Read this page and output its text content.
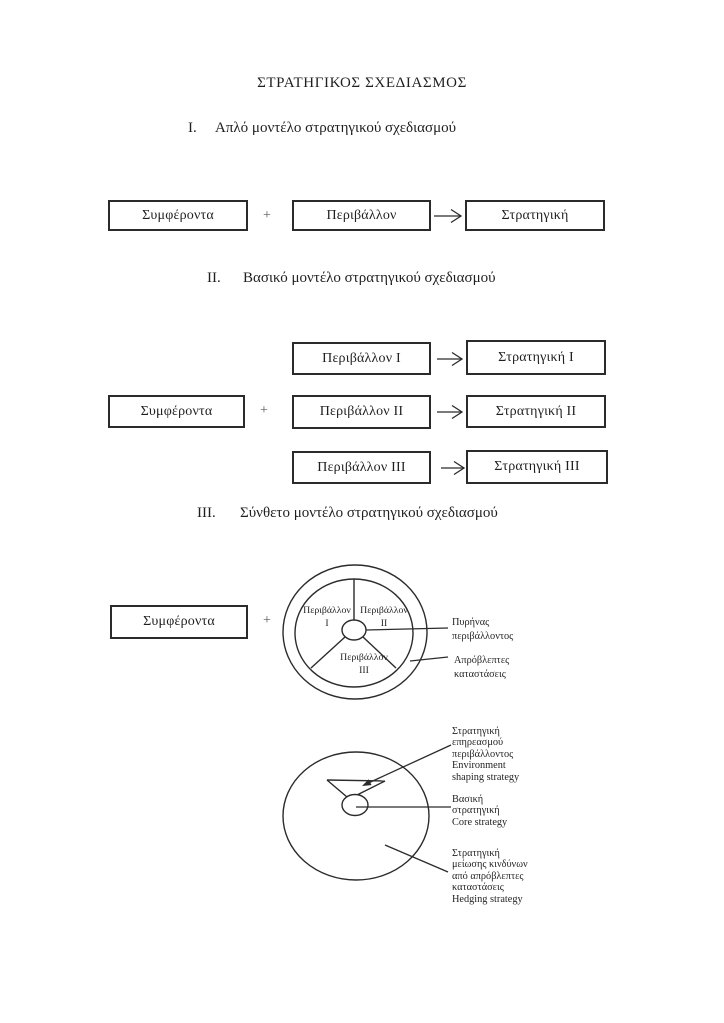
ΣΤΡΑΤΗΓΙΚΟΣ ΣΧΕΔΙΑΣΜΟΣ
I. Απλό μοντέλο στρατηγικού σχεδιασμού
II. Βασικό μοντέλο στρατηγικού σχεδιασμού
III. Σύνθετο μοντέλο στρατηγικού σχεδιασμού
Συμφέροντα	+	Περιβάλλον	Στρατηγική
Συμφέροντα	+
Περιβάλλον I	Στρατηγική I
Περιβάλλον II	Στρατηγική II
Περιβάλλον III	Στρατηγική III
Συμφέροντα	+
Περιβάλλον
I
Περιβάλλον
II
Περιβάλλον
III
Πυρήνας
περιβάλλοντος
Απρόβλεπτες
καταστάσεις
Στρατηγική
επηρεασμού
περιβάλλοντος
Environment
shaping strategy
Βασική
στρατηγική
Core strategy
Στρατηγική
μείωσης κινδύνων
από απρόβλεπτες
καταστάσεις
Hedging strategy
